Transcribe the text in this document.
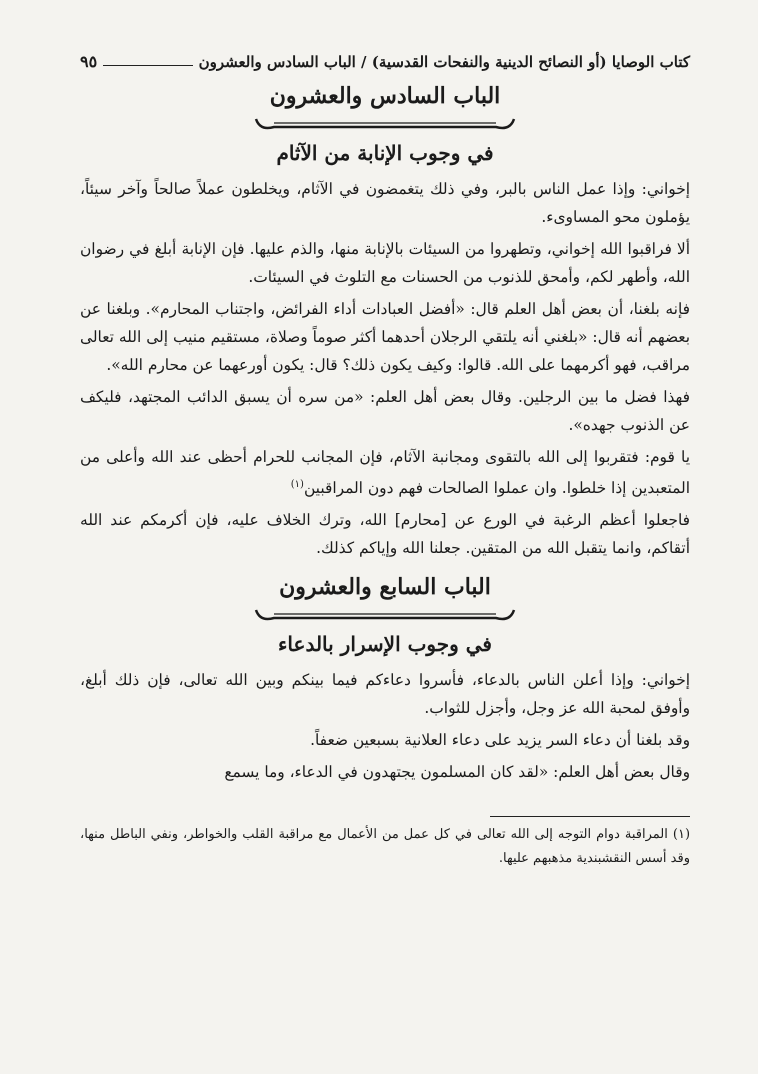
كتاب الوصايا (أو النصائح الدينية والنفحات القدسية) / الباب السادس والعشرون
٩٥
الباب السادس والعشرون
في وجوب الإنابة من الآثام

إخواني: وإذا عمل الناس بالبر، وفي ذلك يتغمضون في الآثام، ويخلطون عملاً صالحاً وآخر سيئاً، يؤملون محو المساوىء.

ألا فراقبوا الله إخواني، وتطهروا من السيئات بالإنابة منها، والذم عليها. فإن الإنابة أبلغ في رضوان الله، وأطهر لكم، وأمحق للذنوب من الحسنات مع التلوث في السيئات.

فإنه بلغنا، أن بعض أهل العلم قال: «أفضل العبادات أداء الفرائض، واجتناب المحارم». وبلغنا عن بعضهم أنه قال: «بلغني أنه يلتقي الرجلان أحدهما أكثر صوماً وصلاة، مستقيم منيب إلى الله تعالى مراقب، فهو أكرمهما على الله. قالوا: وكيف يكون ذلك؟ قال: يكون أورعهما عن محارم الله».

فهذا فضل ما بين الرجلين. وقال بعض أهل العلم: «من سره أن يسبق الدائب المجتهد، فليكف عن الذنوب جهده».

يا قوم: فتقربوا إلى الله بالتقوى ومجانبة الآثام، فإن المجانب للحرام أحظى عند الله وأعلى من المتعبدين إذا خلطوا. وان عملوا الصالحات فهم دون المراقبين$^{(١)}$

فاجعلوا أعظم الرغبة في الورع عن [محارم] الله، وترك الخلاف عليه، فإن أكرمكم عند الله أتقاكم، وانما يتقبل الله من المتقين. جعلنا الله وإياكم كذلك.

الباب السابع والعشرون
في وجوب الإسرار بالدعاء

إخواني: وإذا أعلن الناس بالدعاء، فأسروا دعاءكم فيما بينكم وبين الله تعالى، فإن ذلك أبلغ، وأوفق لمحبة الله عز وجل، وأجزل للثواب.

وقد بلغنا أن دعاء السر يزيد على دعاء العلانية بسبعين ضعفاً.

وقال بعض أهل العلم: «لقد كان المسلمون يجتهدون في الدعاء، وما يسمع

(١) المراقبة دوام التوجه إلى الله تعالى في كل عمل من الأعمال مع مراقبة القلب والخواطر، ونفي الباطل منها، وقد أسس النقشبندية مذهبهم عليها.
